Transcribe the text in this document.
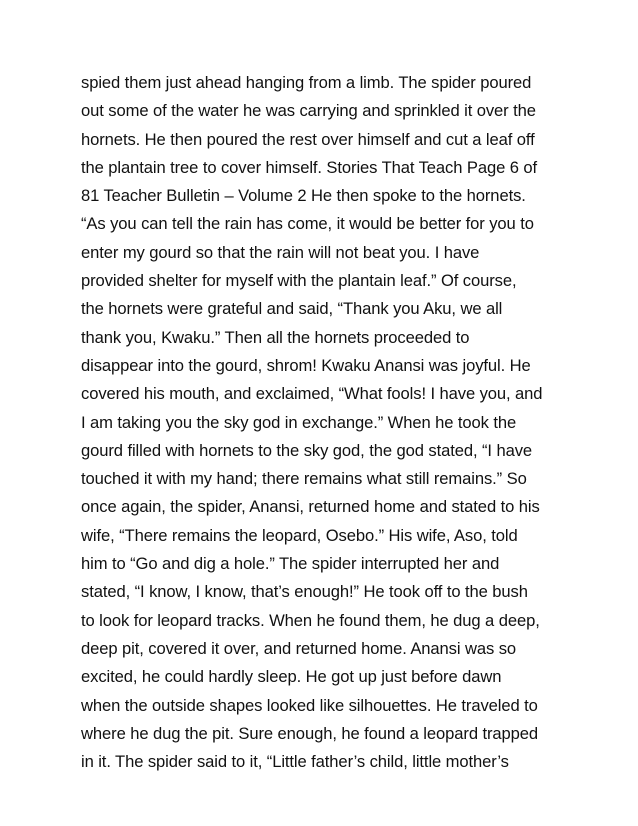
spied them just ahead hanging from a limb. The spider poured
out some of the water he was carrying and sprinkled it over the
hornets. He then poured the rest over himself and cut a leaf off
the plantain tree to cover himself. Stories That Teach Page 6 of
81 Teacher Bulletin – Volume 2 He then spoke to the hornets.
“As you can tell the rain has come, it would be better for you to
enter my gourd so that the rain will not beat you. I have
provided shelter for myself with the plantain leaf.” Of course,
the hornets were grateful and said, “Thank you Aku, we all
thank you, Kwaku.” Then all the hornets proceeded to
disappear into the gourd, shrom! Kwaku Anansi was joyful. He
covered his mouth, and exclaimed, “What fools! I have you, and
I am taking you the sky god in exchange.” When he took the
gourd filled with hornets to the sky god, the god stated, “I have
touched it with my hand; there remains what still remains.” So
once again, the spider, Anansi, returned home and stated to his
wife, “There remains the leopard, Osebo.” His wife, Aso, told
him to “Go and dig a hole.” The spider interrupted her and
stated, “I know, I know, that’s enough!” He took off to the bush
to look for leopard tracks. When he found them, he dug a deep,
deep pit, covered it over, and returned home. Anansi was so
excited, he could hardly sleep. He got up just before dawn
when the outside shapes looked like silhouettes. He traveled to
where he dug the pit. Sure enough, he found a leopard trapped
in it. The spider said to it, “Little father’s child, little mother’s
